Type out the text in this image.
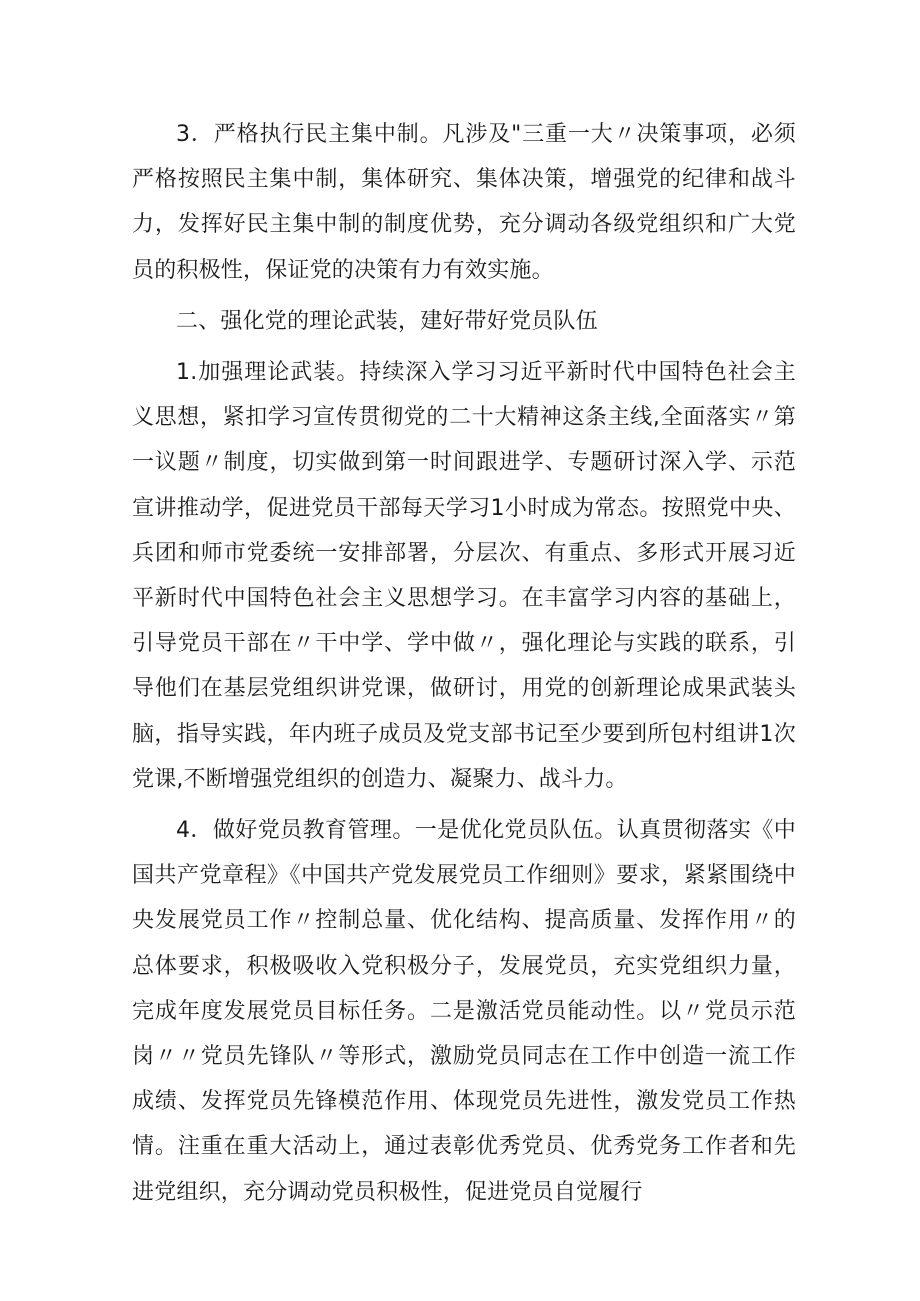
3．严格执行民主集中制。凡涉及"三重一大〃决策事项，必须严格按照民主集中制，集体研究、集体决策，增强党的纪律和战斗力，发挥好民主集中制的制度优势，充分调动各级党组织和广大党员的积极性，保证党的决策有力有效实施。

二、强化党的理论武装，建好带好党员队伍

1.加强理论武装。持续深入学习习近平新时代中国特色社会主义思想，紧扣学习宣传贯彻党的二十大精神这条主线,全面落实〃第一议题〃制度，切实做到第一时间跟进学、专题研讨深入学、示范宣讲推动学，促进党员干部每天学习1小时成为常态。按照党中央、兵团和师市党委统一安排部署，分层次、有重点、多形式开展习近平新时代中国特色社会主义思想学习。在丰富学习内容的基础上，引导党员干部在〃干中学、学中做〃，强化理论与实践的联系，引导他们在基层党组织讲党课，做研讨，用党的创新理论成果武装头脑，指导实践，年内班子成员及党支部书记至少要到所包村组讲1次党课,不断增强党组织的创造力、凝聚力、战斗力。

4．做好党员教育管理。一是优化党员队伍。认真贯彻落实《中国共产党章程》《中国共产党发展党员工作细则》要求，紧紧围绕中央发展党员工作〃控制总量、优化结构、提高质量、发挥作用〃的总体要求，积极吸收入党积极分子，发展党员，充实党组织力量，完成年度发展党员目标任务。二是激活党员能动性。以〃党员示范岗〃〃党员先锋队〃等形式，激励党员同志在工作中创造一流工作成绩、发挥党员先锋模范作用、体现党员先进性，激发党员工作热情。注重在重大活动上，通过表彰优秀党员、优秀党务工作者和先进党组织，充分调动党员积极性，促进党员自觉履行
